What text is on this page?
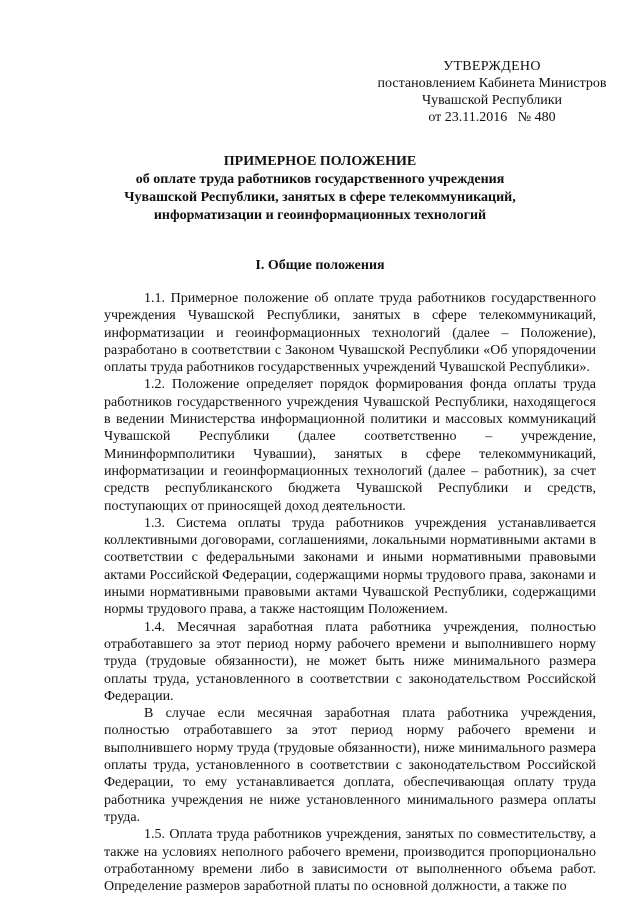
УТВЕРЖДЕНО
постановлением Кабинета Министров
Чувашской Республики
от 23.11.2016   № 480
ПРИМЕРНОЕ ПОЛОЖЕНИЕ
об оплате труда работников государственного учреждения
Чувашской Республики, занятых в сфере телекоммуникаций,
информатизации и геоинформационных технологий
I. Общие положения

1.1. Примерное положение об оплате труда работников государственного учреждения Чувашской Республики, занятых в сфере телекоммуникаций, информатизации и геоинформационных технологий (далее – Положение), разработано в соответствии с Законом Чувашской Республики «Об упорядочении оплаты труда работников государственных учреждений Чувашской Республики».

1.2. Положение определяет порядок формирования фонда оплаты труда работников государственного учреждения Чувашской Республики, находящегося в ведении Министерства информационной политики и массовых коммуникаций Чувашской Республики (далее соответственно – учреждение, Мининформполитики Чувашии), занятых в сфере телекоммуникаций, информатизации и геоинформационных технологий (далее – работник), за счет средств республиканского бюджета Чувашской Республики и средств, поступающих от приносящей доход деятельности.

1.3. Система оплаты труда работников учреждения устанавливается коллективными договорами, соглашениями, локальными нормативными актами в соответствии с федеральными законами и иными нормативными правовыми актами Российской Федерации, содержащими нормы трудового права, законами и иными нормативными правовыми актами Чувашской Республики, содержащими нормы трудового права, а также настоящим Положением.

1.4. Месячная заработная плата работника учреждения, полностью отработавшего за этот период норму рабочего времени и выполнившего норму труда (трудовые обязанности), не может быть ниже минимального размера оплаты труда, установленного в соответствии с законодательством Российской Федерации.

В случае если месячная заработная плата работника учреждения, полностью отработавшего за этот период норму рабочего времени и выполнившего норму труда (трудовые обязанности), ниже минимального размера оплаты труда, установленного в соответствии с законодательством Российской Федерации, то ему устанавливается доплата, обеспечивающая оплату труда работника учреждения не ниже установленного минимального размера оплаты труда.

1.5. Оплата труда работников учреждения, занятых по совместительству, а также на условиях неполного рабочего времени, производится пропорционально отработанному времени либо в зависимости от выполненного объема работ. Определение размеров заработной платы по основной должности, а также по
